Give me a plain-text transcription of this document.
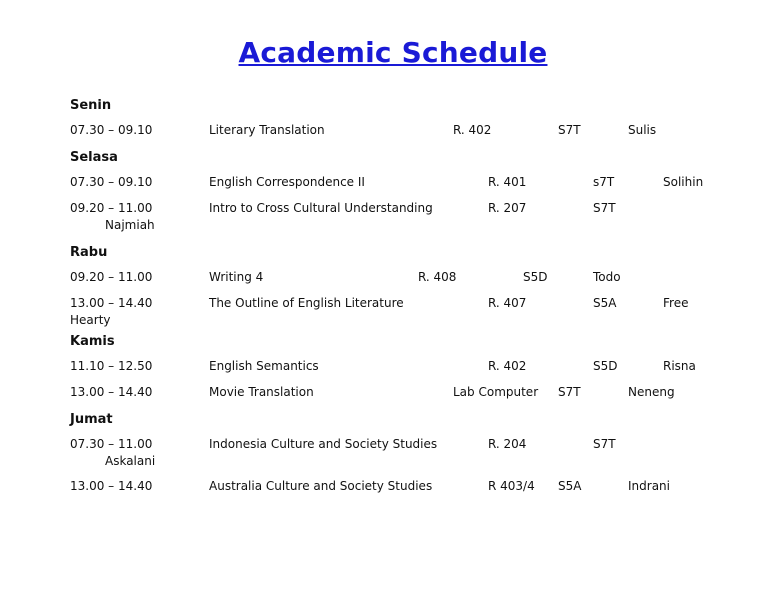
Academic Schedule
Senin
07.30 – 09.10	Literary Translation	R. 402	S7T	Sulis
Selasa
07.30 – 09.10	English Correspondence II	R. 401	s7T	Solihin
09.20 – 11.00	Intro to Cross Cultural Understanding	R. 207	S7T
Najmiah
Rabu
09.20 – 11.00	Writing 4	R. 408	S5D	Todo
13.00 – 14.40	The Outline of English Literature	R. 407	S5A	Free
Hearty
Kamis
11.10 – 12.50	English Semantics	R. 402	S5D	Risna
13.00 – 14.40	Movie Translation	Lab Computer S7T	Neneng
Jumat
07.30 – 11.00	Indonesia Culture and Society Studies	R. 204	S7T
Askalani
13.00 – 14.40	Australia Culture and Society Studies	R 403/4 S5A	Indrani
